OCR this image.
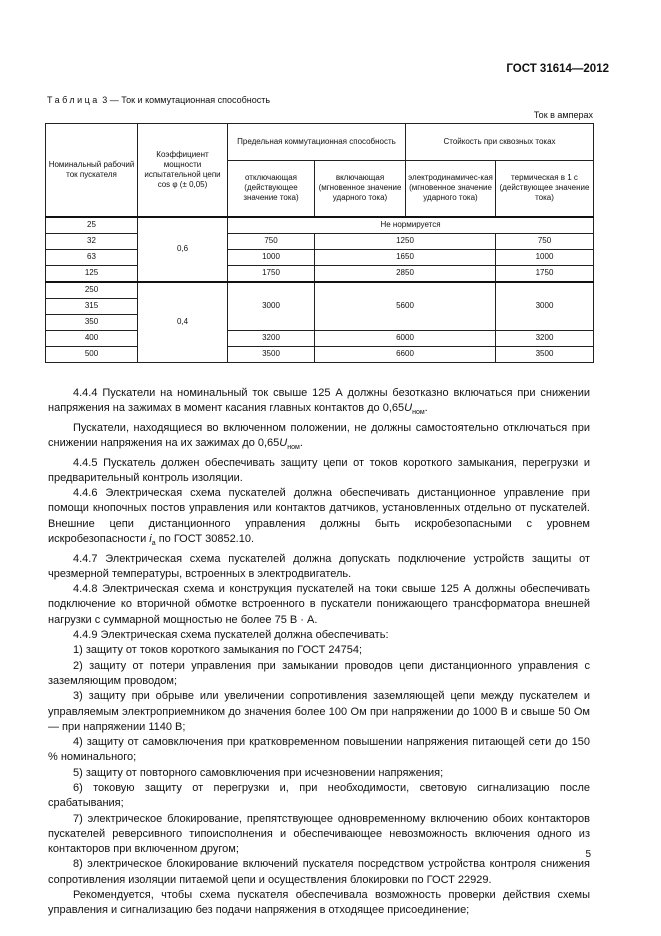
ГОСТ 31614—2012
Таблица 3 — Ток и коммутационная способность
Ток в амперах
Номинальный рабочий ток пускателя	Коэффициент мощности испытательной цепи cos φ (± 0,05)	Предельная коммутационная способность		Стойкость при сквозных токах	
		отключающая (действующее значение тока)	включающая (мгновенное значение ударного тока)	электродинамичес-кая (мгновенное значение ударного тока)	термическая в 1 с (действующее значение тока)
25	0,6	Не нормируется			
32		750	1250		750
63		1000	1650		1000
125		1750	2850		1750
250	0,4	3000	5600		3000
315					
350					
400		3200	6000		3200
500		3500	6600		3500

4.4.4 Пускатели на номинальный ток свыше 125 А должны безотказно включаться при снижении напряжения на зажимах в момент касания главных контактов до $0,65U_{ном}$.

Пускатели, находящиеся во включенном положении, не должны самостоятельно отключаться при снижении напряжения на их зажимах до $0,65U_{ном}$.

4.4.5 Пускатель должен обеспечивать защиту цепи от токов короткого замыкания, перегрузки и предварительный контроль изоляции.

4.4.6 Электрическая схема пускателей должна обеспечивать дистанционное управление при помощи кнопочных постов управления или контактов датчиков, установленных отдельно от пускателей. Внешние цепи дистанционного управления должны быть искробезопасными с уровнем искробезопасности $i_a$ по ГОСТ 30852.10.

4.4.7 Электрическая схема пускателей должна допускать подключение устройств защиты от чрезмерной температуры, встроенных в электродвигатель.

4.4.8 Электрическая схема и конструкция пускателей на токи свыше 125 А должны обеспечивать подключение ко вторичной обмотке встроенного в пускатели понижающего трансформатора внешней нагрузки с суммарной мощностью не более 75 В · А.

4.4.9 Электрическая схема пускателей должна обеспечивать:

1) защиту от токов короткого замыкания по ГОСТ 24754;

2) защиту от потери управления при замыкании проводов цепи дистанционного управления с заземляющим проводом;

3) защиту при обрыве или увеличении сопротивления заземляющей цепи между пускателем и управляемым электроприемником до значения более 100 Ом при напряжении до 1000 В и свыше 50 Ом — при напряжении 1140 В;

4) защиту от самовключения при кратковременном повышении напряжения питающей сети до 150 % номинального;

5) защиту от повторного самовключения при исчезновении напряжения;

6) токовую защиту от перегрузки и, при необходимости, световую сигнализацию после срабатывания;

7) электрическое блокирование, препятствующее одновременному включению обоих контакторов пускателей реверсивного типоисполнения и обеспечивающее невозможность включения одного из контакторов при включенном другом;

8) электрическое блокирование включений пускателя посредством устройства контроля снижения сопротивления изоляции питаемой цепи и осуществления блокировки по ГОСТ 22929.

Рекомендуется, чтобы схема пускателя обеспечивала возможность проверки действия схемы управления и сигнализацию без подачи напряжения в отходящее присоединение;

5
